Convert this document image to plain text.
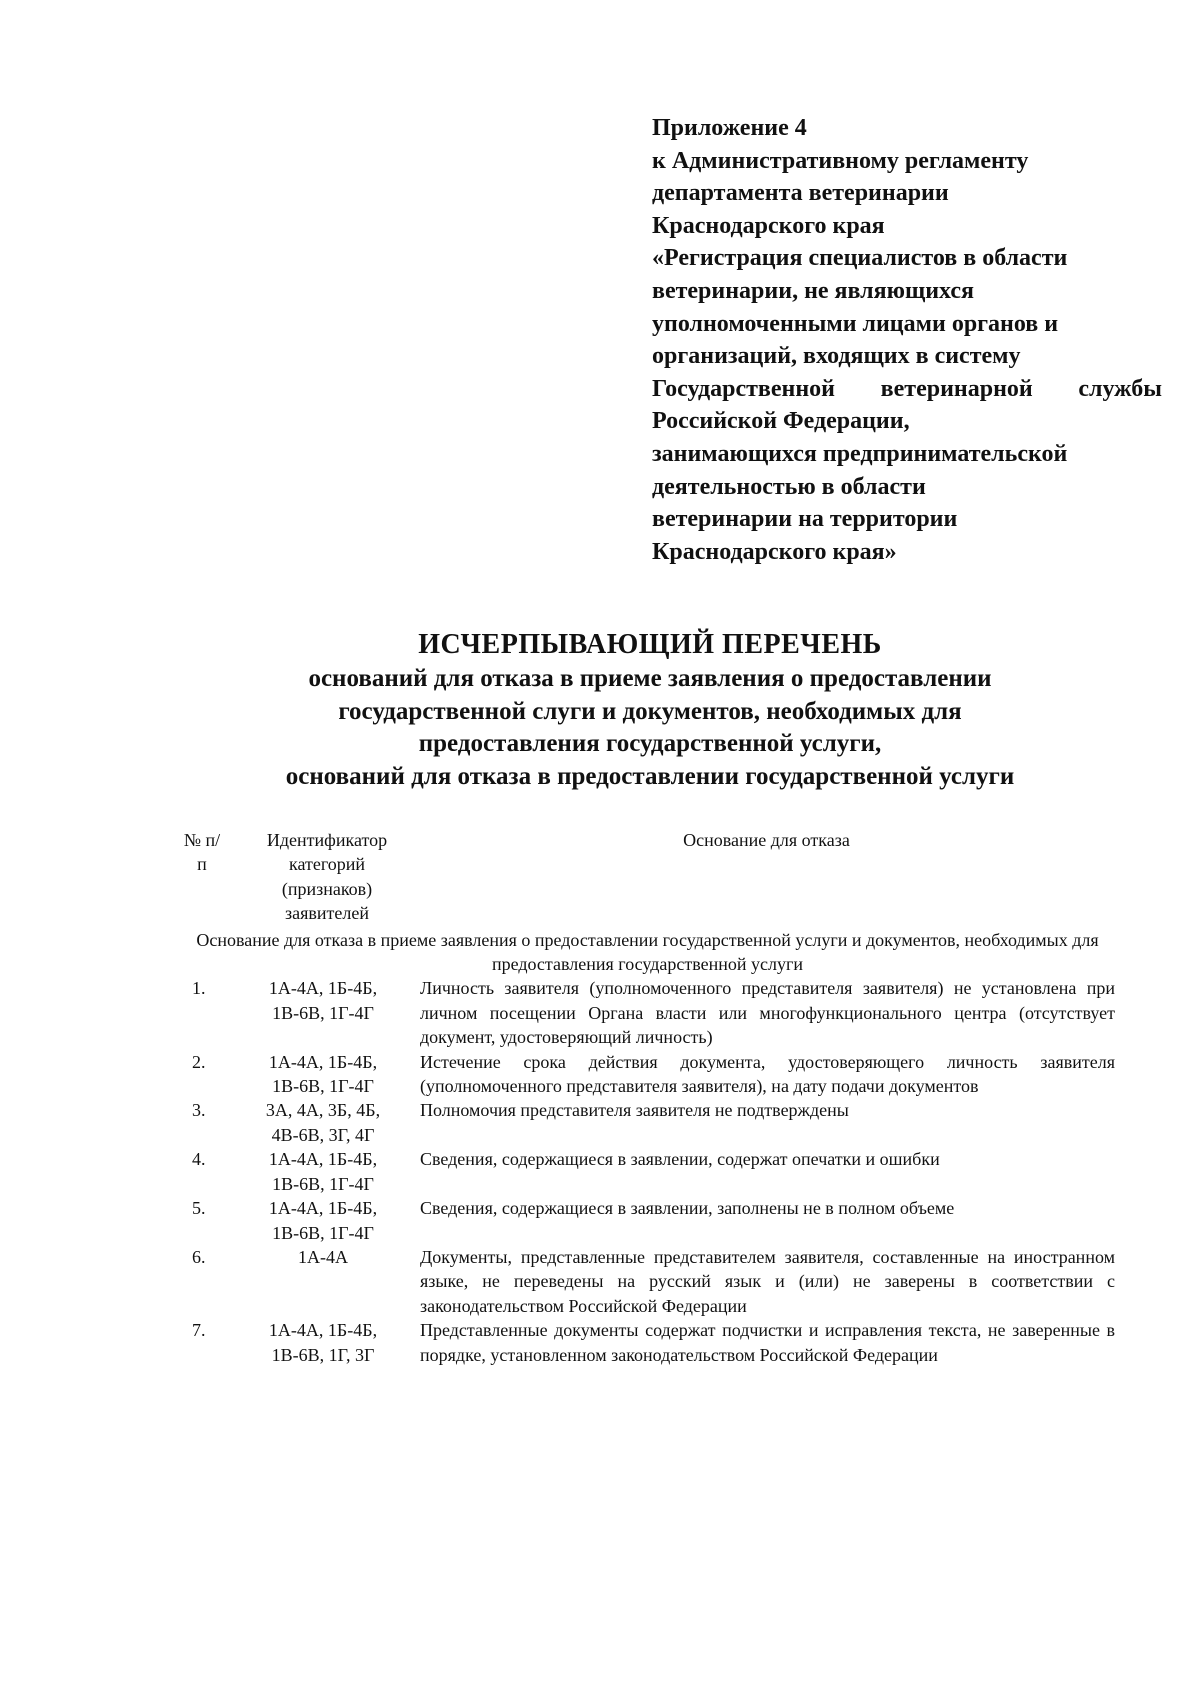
Приложение 4
к Административному регламенту
департамента ветеринарии
Краснодарского края
«Регистрация специалистов в области
ветеринарии, не являющихся
уполномоченными лицами органов и
организаций, входящих в систему
Государственной ветеринарной службы
Российской Федерации,
занимающихся предпринимательской
деятельностью в области
ветеринарии на территории
Краснодарского края»
ИСЧЕРПЫВАЮЩИЙ ПЕРЕЧЕНЬ
оснований для отказа в приеме заявления о предоставлении
государственной слуги и документов, необходимых для
предоставления государственной услуги,
оснований для отказа в предоставлении государственной услуги
№ п/п	Идентификатор категорий (признаков) заявителей	Основание для отказа
Основание для отказа в приеме заявления о предоставлении государственной услуги и документов, необходимых для предоставления государственной услуги		
1.	1А-4А, 1Б-4Б, 1В-6В, 1Г-4Г	Личность заявителя (уполномоченного представителя заявителя) не установлена при личном посещении Органа власти или многофункционального центра (отсутствует документ, удостоверяющий личность)
2.	1А-4А, 1Б-4Б, 1В-6В, 1Г-4Г	Истечение срока действия документа, удостоверяющего личность заявителя (уполномоченного представителя заявителя), на дату подачи документов
3.	3А, 4А, 3Б, 4Б, 4В-6В, 3Г, 4Г	Полномочия представителя заявителя не подтверждены
4.	1А-4А, 1Б-4Б, 1В-6В, 1Г-4Г	Сведения, содержащиеся в заявлении, содержат опечатки и ошибки
5.	1А-4А, 1Б-4Б, 1В-6В, 1Г-4Г	Сведения, содержащиеся в заявлении, заполнены не в полном объеме
6.	1А-4А	Документы, представленные представителем заявителя, составленные на иностранном языке, не переведены на русский язык и (или) не заверены в соответствии с законодательством Российской Федерации
7.	1А-4А, 1Б-4Б, 1В-6В, 1Г, 3Г	Представленные документы содержат подчистки и исправления текста, не заверенные в порядке, установленном законодательством Российской Федерации
